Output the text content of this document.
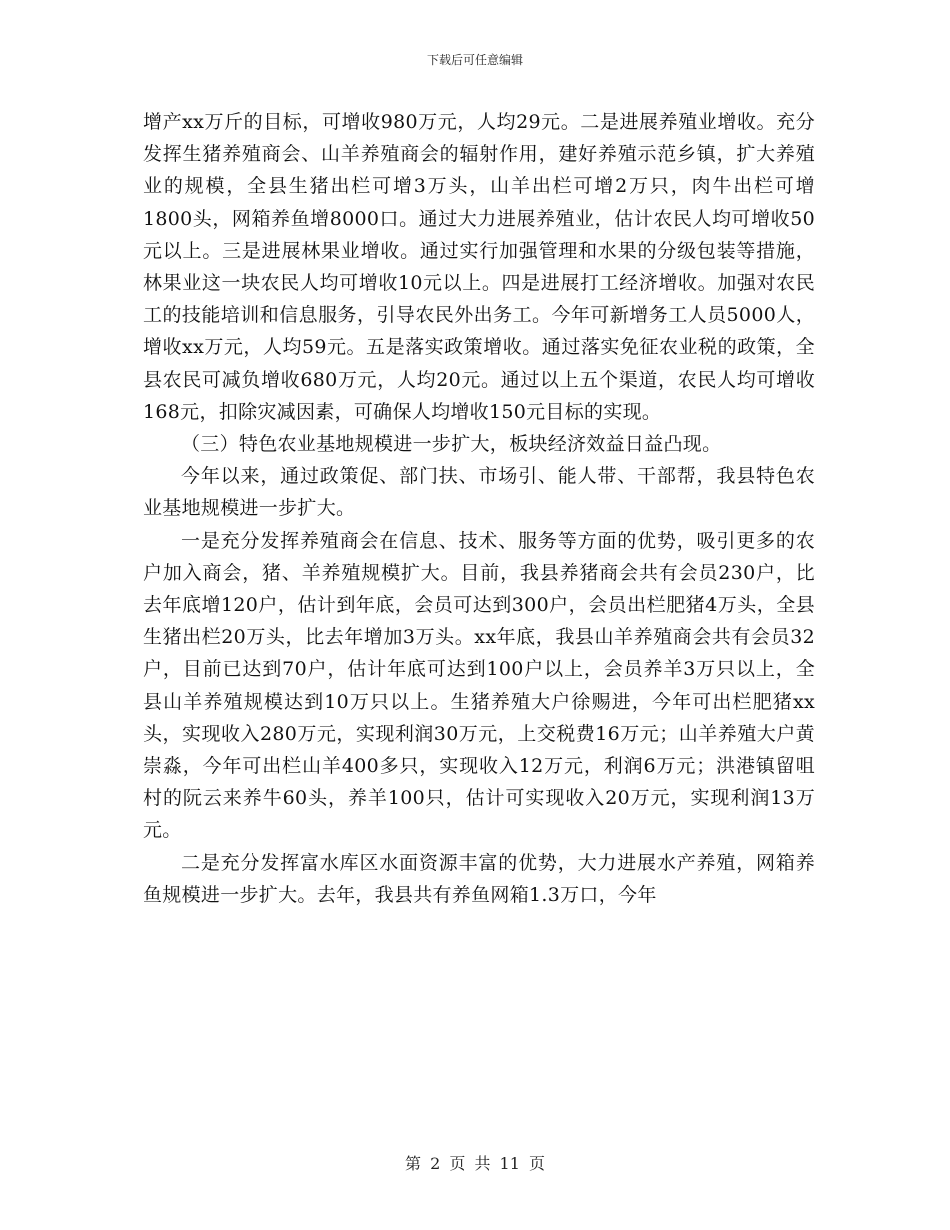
下载后可任意编辑

增产xx万斤的目标，可增收980万元，人均29元。二是进展养殖业增收。充分发挥生猪养殖商会、山羊养殖商会的辐射作用，建好养殖示范乡镇，扩大养殖业的规模，全县生猪出栏可增3万头，山羊出栏可增2万只，肉牛出栏可增1800头，网箱养鱼增8000口。通过大力进展养殖业，估计农民人均可增收50元以上。三是进展林果业增收。通过实行加强管理和水果的分级包装等措施，林果业这一块农民人均可增收10元以上。四是进展打工经济增收。加强对农民工的技能培训和信息服务，引导农民外出务工。今年可新增务工人员5000人，增收xx万元，人均59元。五是落实政策增收。通过落实免征农业税的政策，全县农民可减负增收680万元，人均20元。通过以上五个渠道，农民人均可增收168元，扣除灾减因素，可确保人均增收150元目标的实现。

（三）特色农业基地规模进一步扩大，板块经济效益日益凸现。

今年以来，通过政策促、部门扶、市场引、能人带、干部帮，我县特色农业基地规模进一步扩大。

一是充分发挥养殖商会在信息、技术、服务等方面的优势，吸引更多的农户加入商会，猪、羊养殖规模扩大。目前，我县养猪商会共有会员230户，比去年底增120户，估计到年底，会员可达到300户，会员出栏肥猪4万头，全县生猪出栏20万头，比去年增加3万头。xx年底，我县山羊养殖商会共有会员32户，目前已达到70户，估计年底可达到100户以上，会员养羊3万只以上，全县山羊养殖规模达到10万只以上。生猪养殖大户徐赐进，今年可出栏肥猪xx头，实现收入280万元，实现利润30万元，上交税费16万元；山羊养殖大户黄崇淼，今年可出栏山羊400多只，实现收入12万元，利润6万元；洪港镇留咀村的阮云来养牛60头，养羊100只，估计可实现收入20万元，实现利润13万元。

二是充分发挥富水库区水面资源丰富的优势，大力进展水产养殖，网箱养鱼规模进一步扩大。去年，我县共有养鱼网箱1.3万口，今年

第 2 页 共 11 页
